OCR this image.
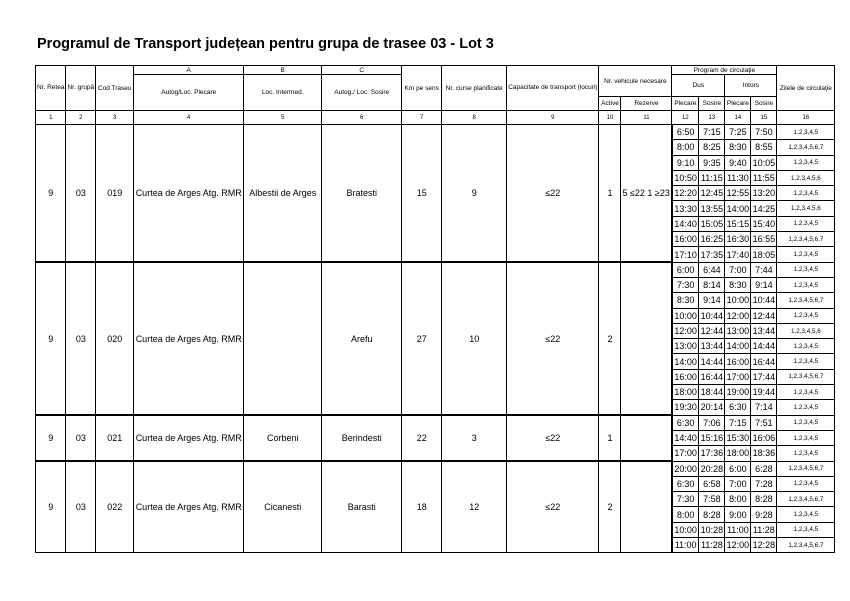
Programul de Transport județean pentru grupa de trasee 03 - Lot 3
Nr. Retea	Nr. grupă	Cod Traseu	A	B	C	Km pe sens	Nr. curse planificate	Capacitate de transport (locuri)	Nr. vehicule necesare		Program de circulaţie				Zilele de circulaţie
			Autog/Loc. Plecare	Loc. Intermed.	Autog./ Loc. Sosire						Dus		Intors		
									Active	Rezerve	Plecare	Sosire	Plecare	Sosire	
1	2	3	4	5	6	7	8	9	10	11	12	13	14	15	16
9	03	019	Curtea de Arges Atg. RMR	Albestii de Arges	Bratesti	15	9	≤22	1	5 ≤22 1 ≥23	6:50	7:15	7:25	7:50	1,2,3,4,5
											8:00	8:25	8:30	8:55	1,2,3,4,5,6,7
											9:10	9:35	9:40	10:05	1,2,3,4,5
											10:50	11:15	11:30	11:55	1,2,3,4,5,6
											12:20	12:45	12:55	13:20	1,2,3,4,5
											13:30	13:55	14:00	14:25	1,2,3,4,5,6
											14:40	15:05	15:15	15:40	1,2,3,4,5
											16:00	16:25	16:30	16:55	1,2,3,4,5,6,7
											17:10	17:35	17:40	18:05	1,2,3,4,5
9	03	020	Curtea de Arges Atg. RMR		Arefu	27	10	≤22	2		6:00	6:44	7:00	7:44	1,2,3,4,5
											7:30	8:14	8:30	9:14	1,2,3,4,5
											8:30	9:14	10:00	10:44	1,2,3,4,5,6,7
											10:00	10:44	12:00	12:44	1,2,3,4,5
											12:00	12:44	13:00	13:44	1,2,3,4,5,6
											13:00	13:44	14:00	14:44	1,2,3,4,5
											14:00	14:44	16:00	16:44	1,2,3,4,5
											16:00	16:44	17:00	17:44	1,2,3,4,5,6,7
											18:00	18:44	19:00	19:44	1,2,3,4,5
											19:30	20:14	6:30	7:14	1,2,3,4,5
9	03	021	Curtea de Arges Atg. RMR	Corbeni	Berindesti	22	3	≤22	1		6:30	7:06	7:15	7:51	1,2,3,4,5
											14:40	15:16	15:30	16:06	1,2,3,4,5
											17:00	17:36	18:00	18:36	1,2,3,4,5
9	03	022	Curtea de Arges Atg. RMR	Cicanesti	Barasti	18	12	≤22	2		20:00	20:28	6:00	6:28	1,2,3,4,5,6,7
											6:30	6:58	7:00	7:28	1,2,3,4,5
											7:30	7:58	8:00	8:28	1,2,3,4,5,6,7
											8:00	8:28	9:00	9:28	1,2,3,4,5
											10:00	10:28	11:00	11:28	1,2,3,4,5
											11:00	11:28	12:00	12:28	1,2,3,4,5,6,7
